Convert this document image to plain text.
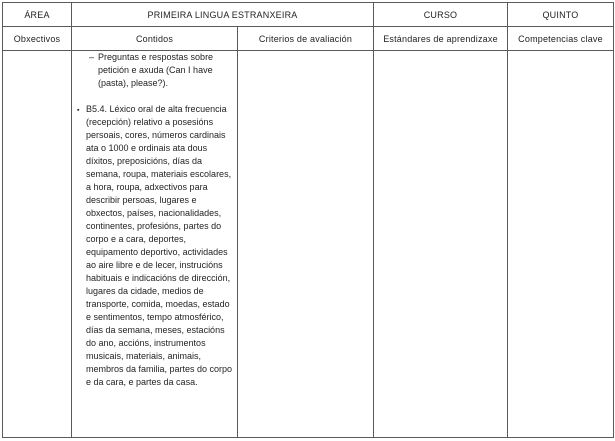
ÁREA	PRIMEIRA LINGUA ESTRANXEIRA		CURSO	QUINTO
Obxectivos	Contidos	Criterios de avaliación	Estándares de aprendizaxe	Competencias clave

	– Preguntas e respostas sobre petición e axuda (Can I have (pasta), please?).
▪ B5.4. Léxico oral de alta frecuencia (recepción) relativo a posesións persoais, cores, números cardinais ata o 1000 e ordinais ata dous díxitos, preposicións, días da semana, roupa, materiais escolares, a hora, roupa, adxectivos para describir persoas, lugares e obxectos, países, nacionalidades, continentes, profesións, partes do corpo e a cara, deportes, equipamento deportivo, actividades ao aire libre e de lecer, instrucións habituais e indicacións de dirección, lugares da cidade, medios de transporte, comida, moedas, estado e sentimentos, tempo atmosférico, días da semana, meses, estacións do ano, accións, instrumentos musicais, materiais, animais, membros da familia, partes do corpo e da cara, e partes da casa.			
